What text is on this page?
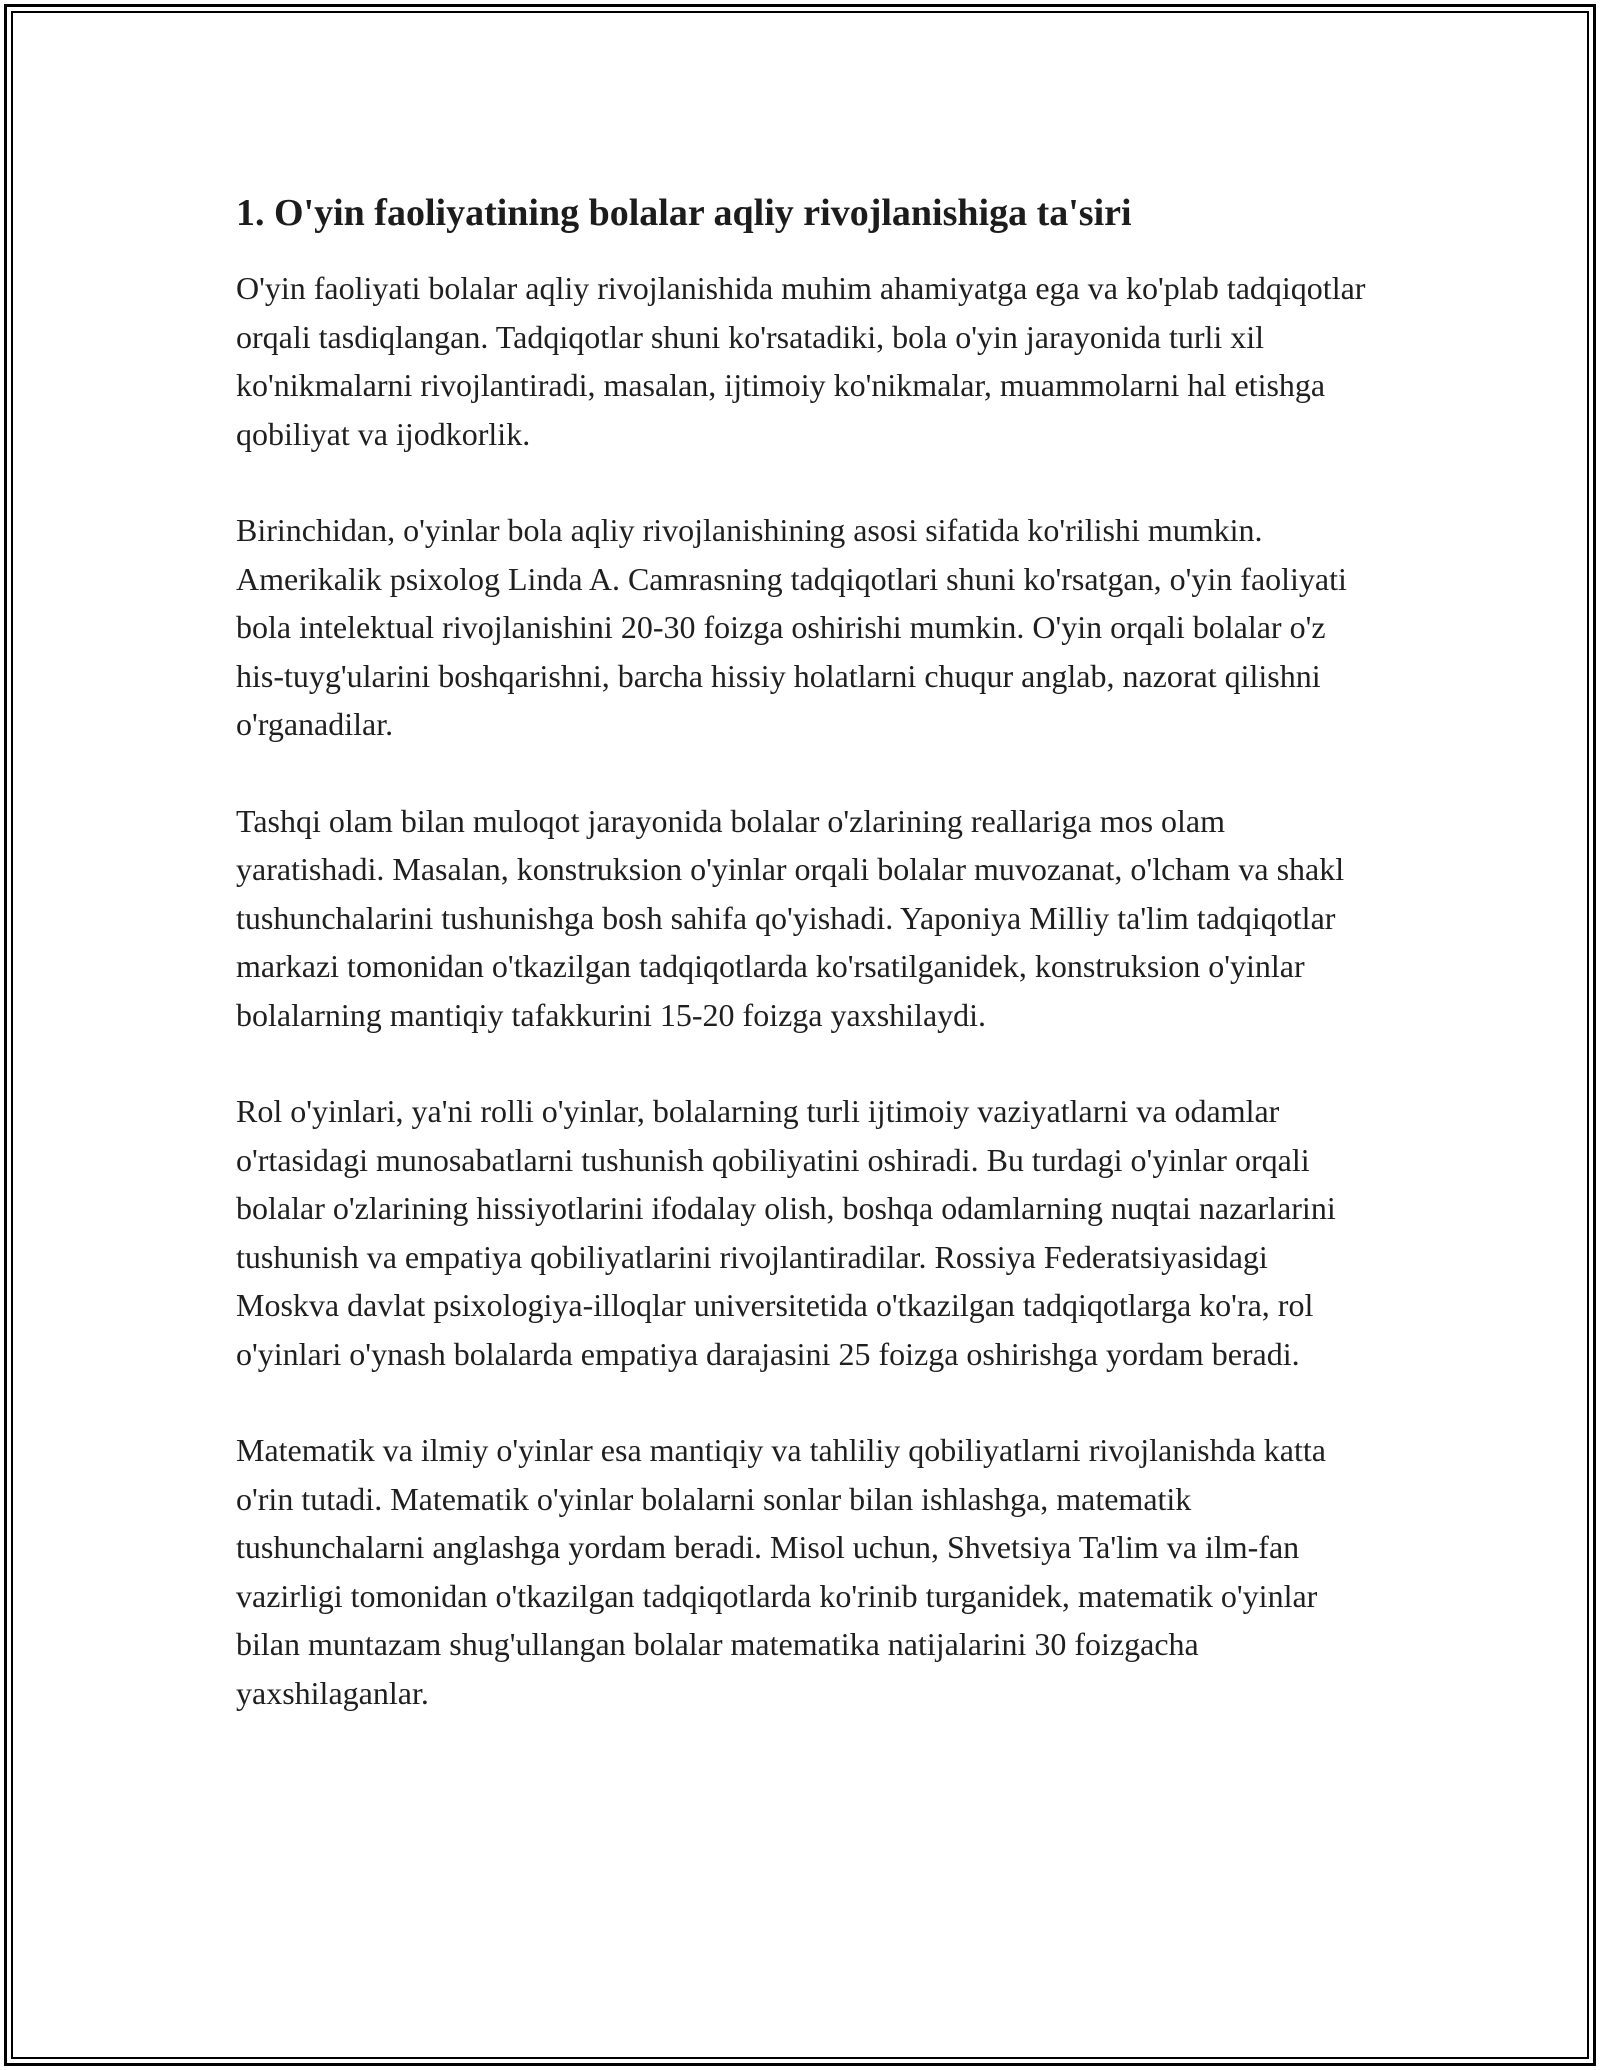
1. O'yin faoliyatining bolalar aqliy rivojlanishiga ta'siri

O'yin faoliyati bolalar aqliy rivojlanishida muhim ahamiyatga ega va ko'plab tadqiqotlar orqali tasdiqlangan. Tadqiqotlar shuni ko'rsatadiki, bola o'yin jarayonida turli xil ko'nikmalarni rivojlantiradi, masalan, ijtimoiy ko'nikmalar, muammolarni hal etishga qobiliyat va ijodkorlik.

Birinchidan, o'yinlar bola aqliy rivojlanishining asosi sifatida ko'rilishi mumkin. Amerikalik psixolog Linda A. Camrasning tadqiqotlari shuni ko'rsatgan, o'yin faoliyati bola intelektual rivojlanishini 20-30 foizga oshirishi mumkin. O'yin orqali bolalar o'z his-tuyg'ularini boshqarishni, barcha hissiy holatlarni chuqur anglab, nazorat qilishni o'rganadilar.

Tashqi olam bilan muloqot jarayonida bolalar o'zlarining reallariga mos olam yaratishadi. Masalan, konstruksion o'yinlar orqali bolalar muvozanat, o'lcham va shakl tushunchalarini tushunishga bosh sahifa qo'yishadi. Yaponiya Milliy ta'lim tadqiqotlar markazi tomonidan o'tkazilgan tadqiqotlarda ko'rsatilganidek, konstruksion o'yinlar bolalarning mantiqiy tafakkurini 15-20 foizga yaxshilaydi.

Rol o'yinlari, ya'ni rolli o'yinlar, bolalarning turli ijtimoiy vaziyatlarni va odamlar o'rtasidagi munosabatlarni tushunish qobiliyatini oshiradi. Bu turdagi o'yinlar orqali bolalar o'zlarining hissiyotlarini ifodalay olish, boshqa odamlarning nuqtai nazarlarini tushunish va empatiya qobiliyatlarini rivojlantiradilar. Rossiya Federatsiyasidagi Moskva davlat psixologiya-illoqlar universitetida o'tkazilgan tadqiqotlarga ko'ra, rol o'yinlari o'ynash bolalarda empatiya darajasini 25 foizga oshirishga yordam beradi.

Matematik va ilmiy o'yinlar esa mantiqiy va tahliliy qobiliyatlarni rivojlanishda katta o'rin tutadi. Matematik o'yinlar bolalarni sonlar bilan ishlashga, matematik tushunchalarni anglashga yordam beradi. Misol uchun, Shvetsiya Ta'lim va ilm-fan vazirligi tomonidan o'tkazilgan tadqiqotlarda ko'rinib turganidek, matematik o'yinlar bilan muntazam shug'ullangan bolalar matematika natijalarini 30 foizgacha yaxshilaganlar.
